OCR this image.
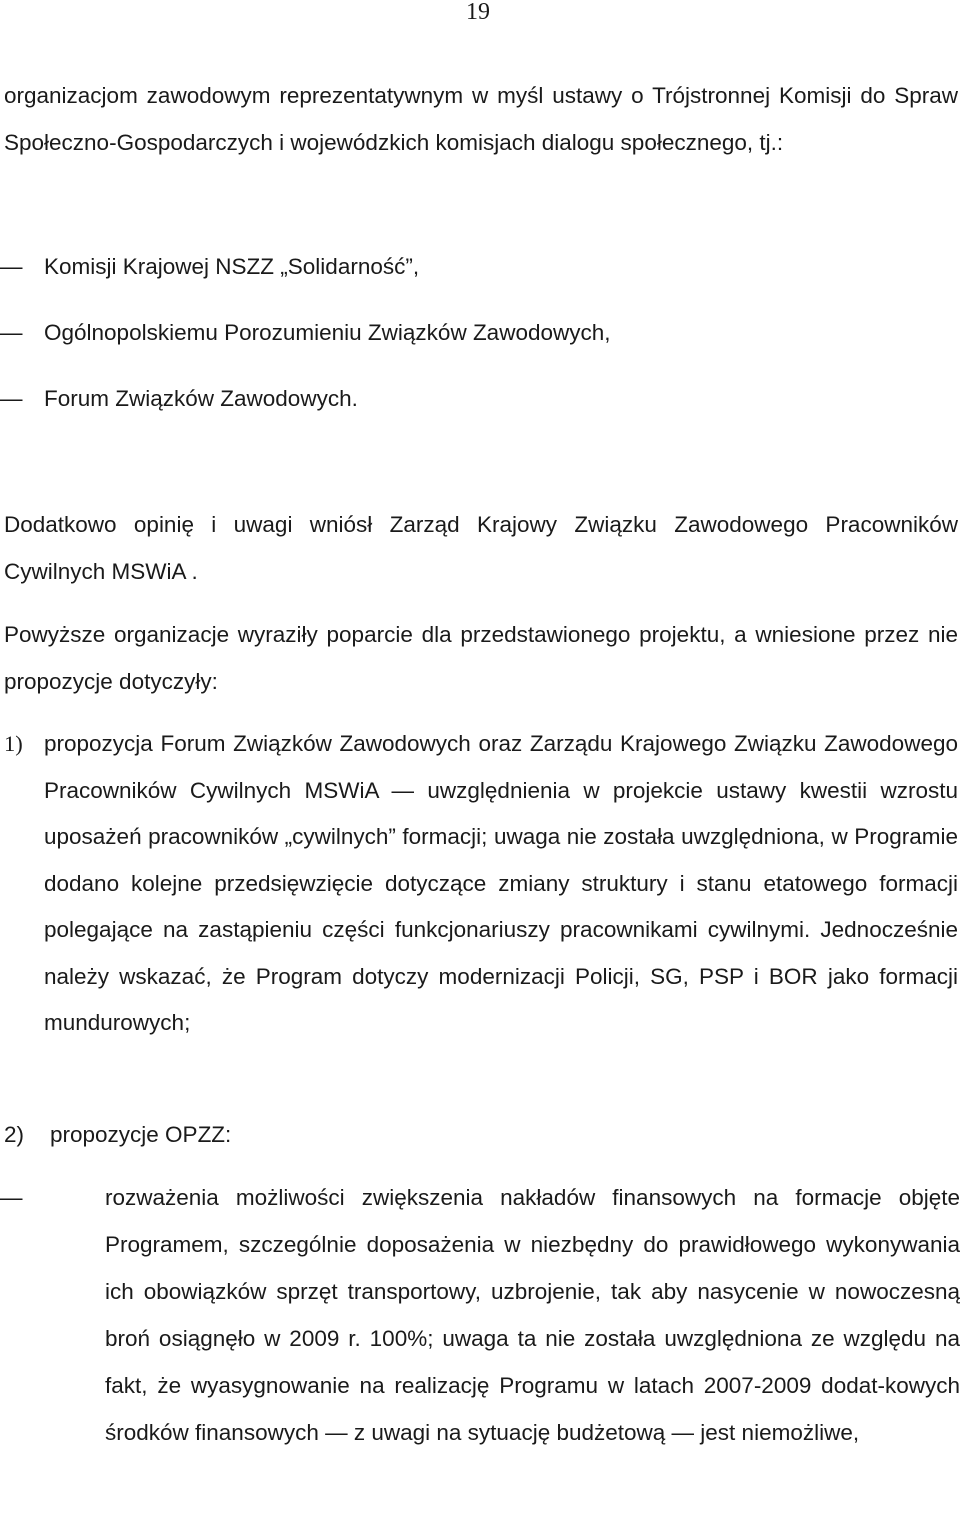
19

organizacjom zawodowym reprezentatywnym w myśl ustawy o Trójstronnej Komisji do Spraw Społeczno-Gospodarczych i wojewódzkich komisjach dialogu społecznego, tj.:

— Komisji Krajowej NSZZ „Solidarność”,
— Ogólnopolskiemu Porozumieniu Związków Zawodowych,
— Forum Związków Zawodowych.

Dodatkowo opinię i uwagi wniósł Zarząd Krajowy Związku Zawodowego Pracowników Cywilnych MSWiA .

Powyższe organizacje wyraziły poparcie dla przedstawionego projektu, a wniesione przez nie propozycje dotyczyły:

1) propozycja Forum Związków Zawodowych oraz Zarządu Krajowego Związku Zawodowego Pracowników Cywilnych MSWiA — uwzględnienia w projekcie ustawy kwestii wzrostu uposażeń pracowników „cywilnych” formacji; uwaga nie została uwzględniona, w Programie dodano kolejne przedsięwzięcie dotyczące zmiany struktury i stanu etatowego formacji polegające na zastąpieniu części funkcjonariuszy pracownikami cywilnymi. Jednocześnie należy wskazać, że Program dotyczy modernizacji Policji, SG, PSP i BOR jako formacji mundurowych;

2) propozycje OPZZ:

—	rozważenia możliwości zwiększenia nakładów finansowych na formacje objęte Programem, szczególnie doposażenia w niezbędny do prawidłowego wykonywania ich obowiązków sprzęt transportowy, uzbrojenie, tak aby nasycenie w nowoczesną broń osiągnęło w 2009 r. 100%; uwaga ta nie została uwzględniona ze względu na fakt, że wyasygnowanie na realizację Programu w latach 2007-2009 dodat-kowych środków finansowych — z uwagi na sytuację budżetową — jest niemożliwe,
